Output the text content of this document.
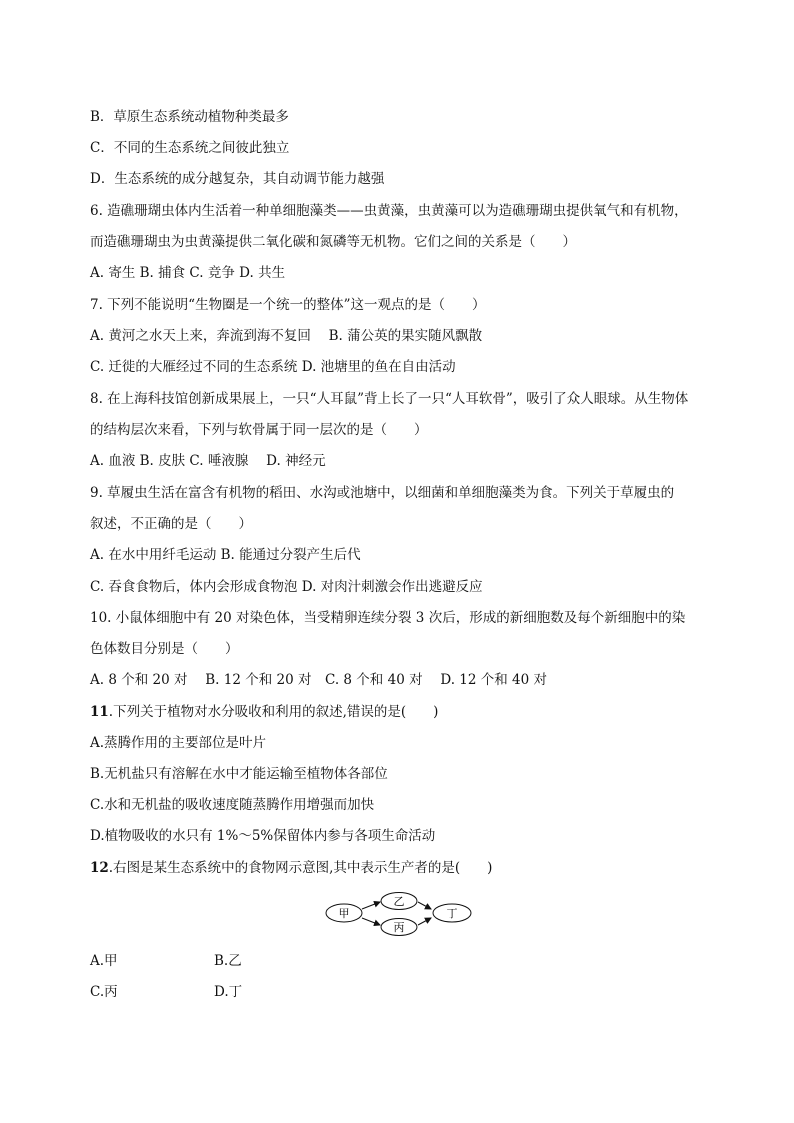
B．草原生态系统动植物种类最多
C．不同的生态系统之间彼此独立
D．生态系统的成分越复杂，其自动调节能力越强
6. 造礁珊瑚虫体内生活着一种单细胞藻类——虫黄藻，虫黄藻可以为造礁珊瑚虫提供氧气和有机物，
而造礁珊瑚虫为虫黄藻提供二氧化碳和氮磷等无机物。它们之间的关系是（　　）
A. 寄生 B. 捕食 C. 竞争 D. 共生
7. 下列不能说明“生物圈是一个统一的整体”这一观点的是（　　）
A. 黄河之水天上来，奔流到海不复回　 B. 蒲公英的果实随风飘散
C. 迁徙的大雁经过不同的生态系统 D. 池塘里的鱼在自由活动
8. 在上海科技馆创新成果展上，一只“人耳鼠”背上长了一只“人耳软骨”，吸引了众人眼球。从生物体
的结构层次来看，下列与软骨属于同一层次的是（　　）
A. 血液 B. 皮肤 C. 唾液腺　 D. 神经元
9. 草履虫生活在富含有机物的稻田、水沟或池塘中，以细菌和单细胞藻类为食。下列关于草履虫的
叙述，不正确的是（　　）
A. 在水中用纤毛运动 B. 能通过分裂产生后代
C. 吞食食物后，体内会形成食物泡 D. 对肉汁刺激会作出逃避反应
10. 小鼠体细胞中有 20 对染色体，当受精卵连续分裂 3 次后，形成的新细胞数及每个新细胞中的染
色体数目分别是（　　）
A. 8 个和 20 对　 B. 12 个和 20 对　C. 8 个和 40 对　 D. 12 个和 40 对
11.下列关于植物对水分吸收和利用的叙述,错误的是(　　)
A.蒸腾作用的主要部位是叶片
B.无机盐只有溶解在水中才能运输至植物体各部位
C.水和无机盐的吸收速度随蒸腾作用增强而加快
D.植物吸收的水只有 1%～5%保留体内参与各项生命活动
12.右图是某生态系统中的食物网示意图,其中表示生产者的是(　　)
甲
乙
丙
丁
A.甲	B.乙
C.丙	D.丁
